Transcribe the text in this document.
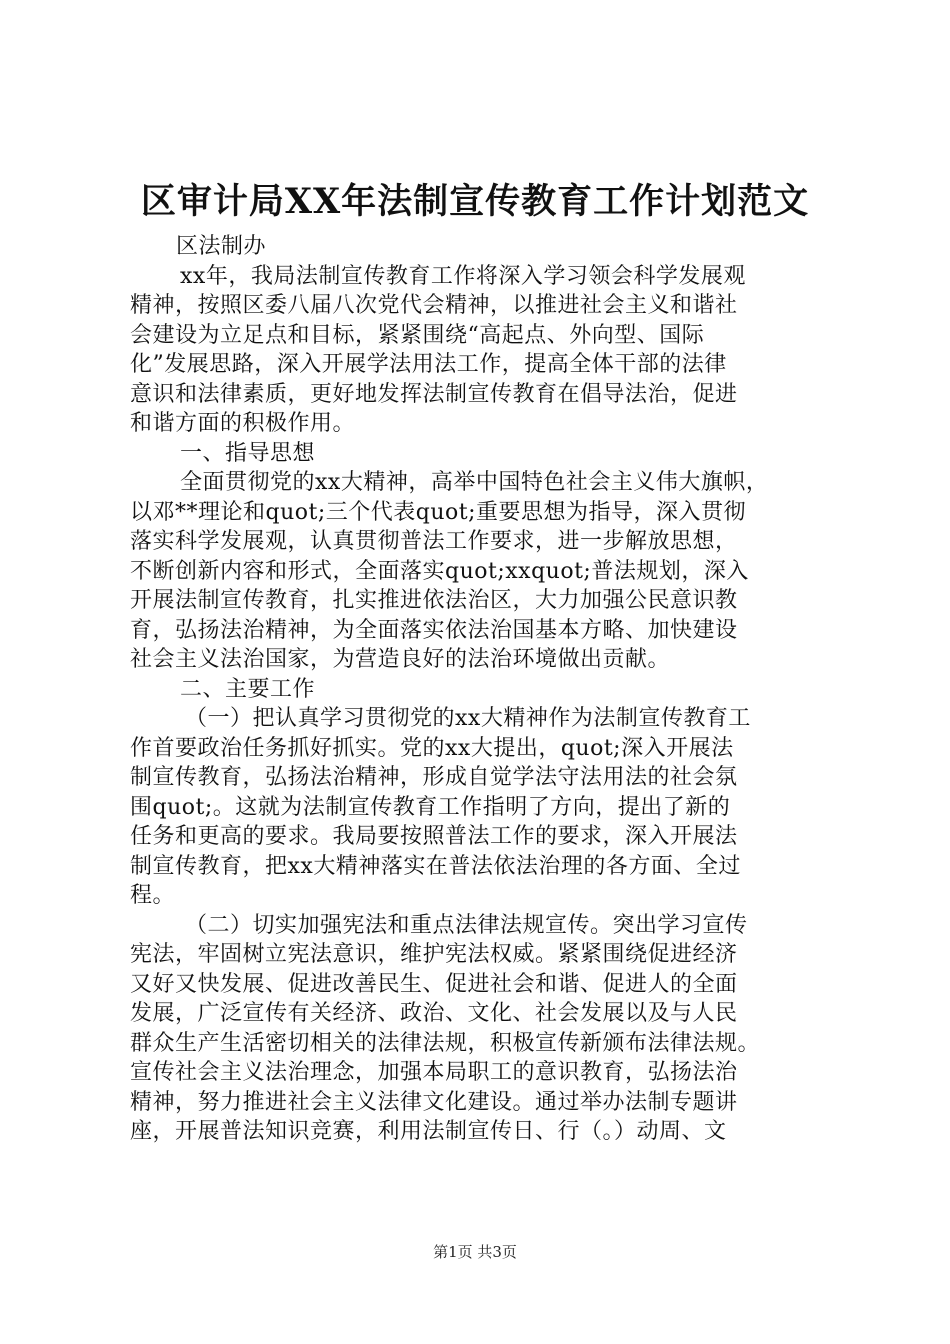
区审计局XX年法制宣传教育工作计划范文
区法制办
xx年，我局法制宣传教育工作将深入学习领会科学发展观
精神，按照区委八届八次党代会精神，以推进社会主义和谐社
会建设为立足点和目标，紧紧围绕“高起点、外向型、国际
化”发展思路，深入开展学法用法工作，提高全体干部的法律
意识和法律素质，更好地发挥法制宣传教育在倡导法治，促进
和谐方面的积极作用。
一、指导思想
全面贯彻党的xx大精神，高举中国特色社会主义伟大旗帜，
以邓**理论和quot;三个代表quot;重要思想为指导，深入贯彻
落实科学发展观，认真贯彻普法工作要求，进一步解放思想，
不断创新内容和形式，全面落实quot;xxquot;普法规划，深入
开展法制宣传教育，扎实推进依法治区，大力加强公民意识教
育，弘扬法治精神，为全面落实依法治国基本方略、加快建设
社会主义法治国家，为营造良好的法治环境做出贡献。
二、主要工作
（一）把认真学习贯彻党的xx大精神作为法制宣传教育工
作首要政治任务抓好抓实。党的xx大提出，quot;深入开展法
制宣传教育，弘扬法治精神，形成自觉学法守法用法的社会氛
围quot;。这就为法制宣传教育工作指明了方向，提出了新的
任务和更高的要求。我局要按照普法工作的要求，深入开展法
制宣传教育，把xx大精神落实在普法依法治理的各方面、全过
程。
（二）切实加强宪法和重点法律法规宣传。突出学习宣传
宪法，牢固树立宪法意识，维护宪法权威。紧紧围绕促进经济
又好又快发展、促进改善民生、促进社会和谐、促进人的全面
发展，广泛宣传有关经济、政治、文化、社会发展以及与人民
群众生产生活密切相关的法律法规，积极宣传新颁布法律法规。
宣传社会主义法治理念，加强本局职工的意识教育，弘扬法治
精神，努力推进社会主义法律文化建设。通过举办法制专题讲
座，开展普法知识竞赛，利用法制宣传日、行（。）动周、文
第1页 共3页
